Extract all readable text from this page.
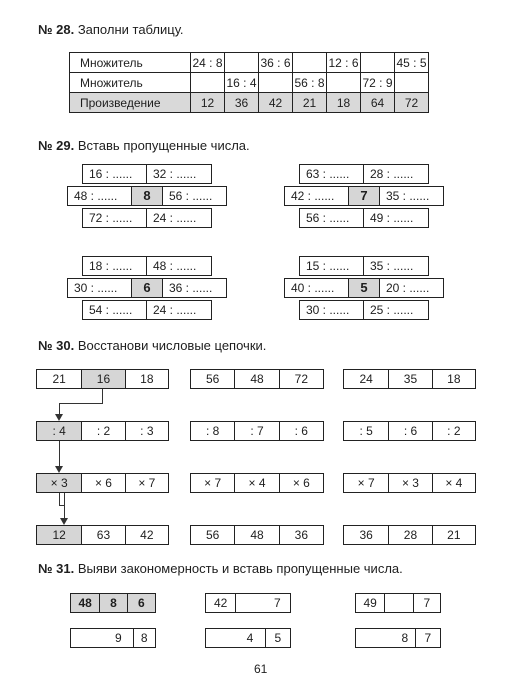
№ 28. Заполни таблицу.
Множитель	24 : 8		36 : 6		12 : 6		45 : 5
Множитель		16 : 4		56 : 8		72 : 9	
Произведение	12	36	42	21	18	64	72
№ 29. Вставь пропущенные числа.
16 : ......	32 : ......
48 : ......	8	56 : ......
72 : ......	24 : ......
63 : ......	28 : ......
42 : ......	7	35 : ......
56 : ......	49 : ......
18 : ......	48 : ......
30 : ......	6	36 : ......
54 : ......	24 : ......
15 : ......	35 : ......
40 : ......	5	20 : ......
30 : ......	25 : ......
№ 30. Восстанови числовые цепочки.
21	16	18
: 4	: 2	: 3
× 3	× 6	× 7
12	63	42
56	48	72
: 8	: 7	: 6
× 7	× 4	× 6
56	48	36
24	35	18
: 5	: 6	: 2
× 7	× 3	× 4
36	28	21
№ 31. Выяви закономерность и вставь пропущенные числа.
48	8	6
9	8
42	7
4	5
49	7
8	7
61
